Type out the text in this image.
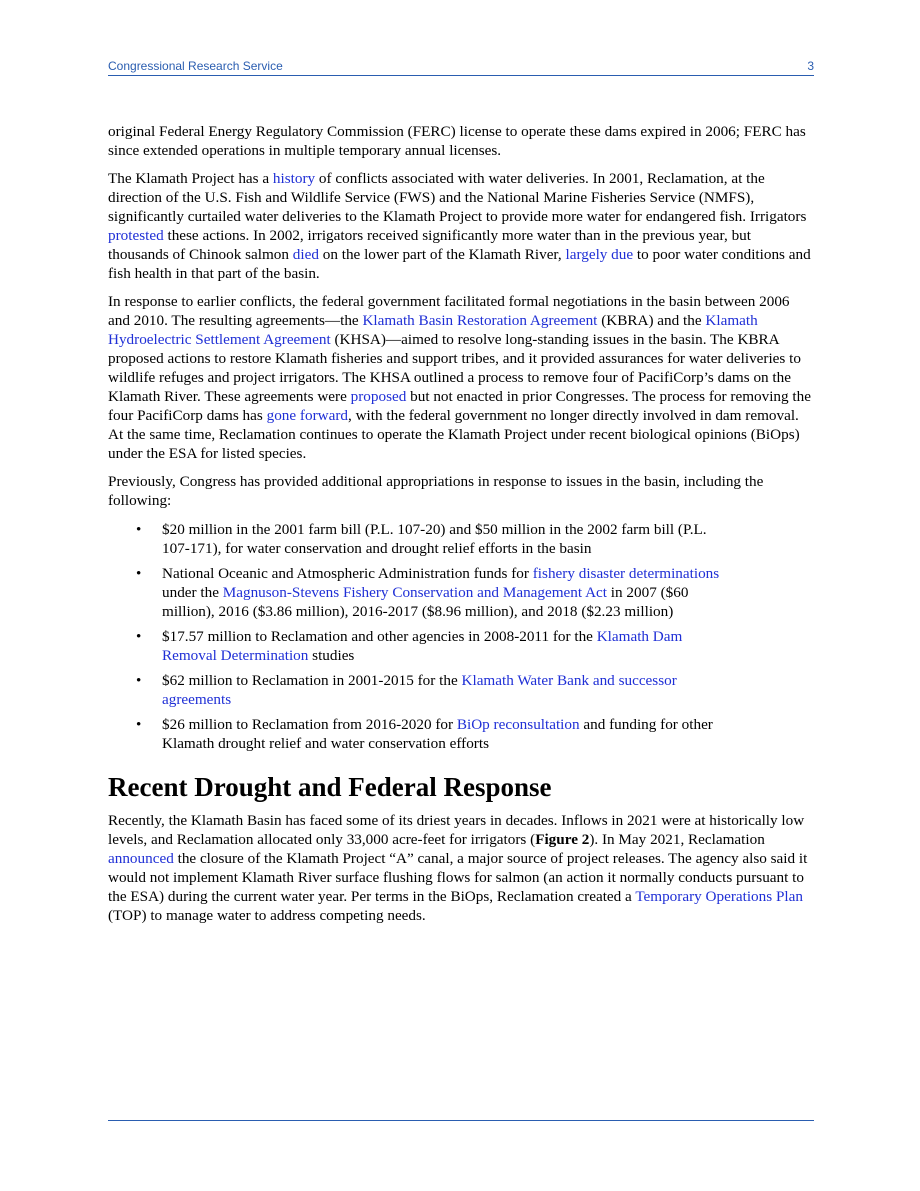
Congressional Research Service	3

original Federal Energy Regulatory Commission (FERC) license to operate these dams expired in 2006; FERC has since extended operations in multiple temporary annual licenses.

The Klamath Project has a history of conflicts associated with water deliveries. In 2001, Reclamation, at the direction of the U.S. Fish and Wildlife Service (FWS) and the National Marine Fisheries Service (NMFS), significantly curtailed water deliveries to the Klamath Project to provide more water for endangered fish. Irrigators protested these actions. In 2002, irrigators received significantly more water than in the previous year, but thousands of Chinook salmon died on the lower part of the Klamath River, largely due to poor water conditions and fish health in that part of the basin.

In response to earlier conflicts, the federal government facilitated formal negotiations in the basin between 2006 and 2010. The resulting agreements—the Klamath Basin Restoration Agreement (KBRA) and the Klamath Hydroelectric Settlement Agreement (KHSA)—aimed to resolve long-standing issues in the basin. The KBRA proposed actions to restore Klamath fisheries and support tribes, and it provided assurances for water deliveries to wildlife refuges and project irrigators. The KHSA outlined a process to remove four of PacifiCorp’s dams on the Klamath River. These agreements were proposed but not enacted in prior Congresses. The process for removing the four PacifiCorp dams has gone forward, with the federal government no longer directly involved in dam removal. At the same time, Reclamation continues to operate the Klamath Project under recent biological opinions (BiOps) under the ESA for listed species.

Previously, Congress has provided additional appropriations in response to issues in the basin, including the following:

• $20 million in the 2001 farm bill (P.L. 107-20) and $50 million in the 2002 farm bill (P.L. 107-171), for water conservation and drought relief efforts in the basin
• National Oceanic and Atmospheric Administration funds for fishery disaster determinations under the Magnuson-Stevens Fishery Conservation and Management Act in 2007 ($60 million), 2016 ($3.86 million), 2016-2017 ($8.96 million), and 2018 ($2.23 million)
• $17.57 million to Reclamation and other agencies in 2008-2011 for the Klamath Dam Removal Determination studies
• $62 million to Reclamation in 2001-2015 for the Klamath Water Bank and successor agreements
• $26 million to Reclamation from 2016-2020 for BiOp reconsultation and funding for other Klamath drought relief and water conservation efforts
Recent Drought and Federal Response

Recently, the Klamath Basin has faced some of its driest years in decades. Inflows in 2021 were at historically low levels, and Reclamation allocated only 33,000 acre-feet for irrigators (Figure 2). In May 2021, Reclamation announced the closure of the Klamath Project “A” canal, a major source of project releases. The agency also said it would not implement Klamath River surface flushing flows for salmon (an action it normally conducts pursuant to the ESA) during the current water year. Per terms in the BiOps, Reclamation created a Temporary Operations Plan (TOP) to manage water to address competing needs.
